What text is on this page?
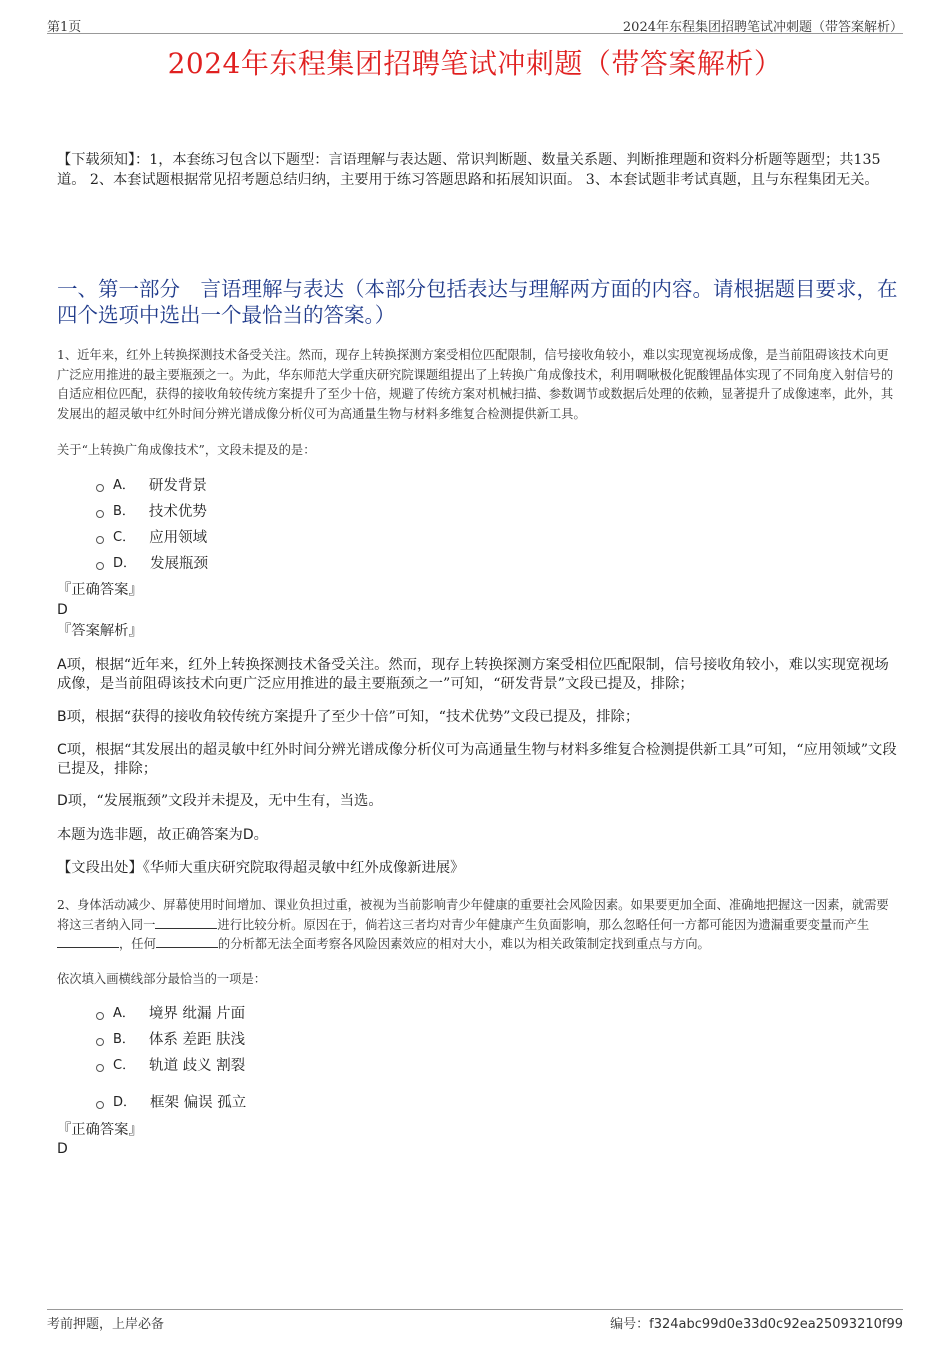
第1页	2024年东程集团招聘笔试冲刺题（带答案解析）
2024年东程集团招聘笔试冲刺题（带答案解析）
【下载须知】：1，本套练习包含以下题型：言语理解与表达题、常识判断题、数量关系题、判断推理题和资料分析题等题型；共135道。 2、本套试题根据常见招考题总结归纳，主要用于练习答题思路和拓展知识面。 3、本套试题非考试真题，且与东程集团无关。
一、第一部分　言语理解与表达（本部分包括表达与理解两方面的内容。请根据题目要求，在四个选项中选出一个最恰当的答案。）
1、近年来，红外上转换探测技术备受关注。然而，现存上转换探测方案受相位匹配限制，信号接收角较小，难以实现宽视场成像，是当前阻碍该技术向更广泛应用推进的最主要瓶颈之一。为此，华东师范大学重庆研究院课题组提出了上转换广角成像技术，利用啁啾极化铌酸锂晶体实现了不同角度入射信号的自适应相位匹配，获得的接收角较传统方案提升了至少十倍，规避了传统方案对机械扫描、参数调节或数据后处理的依赖，显著提升了成像速率，此外，其发展出的超灵敏中红外时间分辨光谱成像分析仪可为高通量生物与材料多维复合检测提供新工具。
关于“上转换广角成像技术”，文段未提及的是：
A． 研发背景
B． 技术优势
C． 应用领域
D． 发展瓶颈
『正确答案』
D
『答案解析』
A项，根据“近年来，红外上转换探测技术备受关注。然而，现存上转换探测方案受相位匹配限制，信号接收角较小，难以实现宽视场成像，是当前阻碍该技术向更广泛应用推进的最主要瓶颈之一”可知，“研发背景”文段已提及，排除；
B项，根据“获得的接收角较传统方案提升了至少十倍”可知，“技术优势”文段已提及，排除；
C项，根据“其发展出的超灵敏中红外时间分辨光谱成像分析仪可为高通量生物与材料多维复合检测提供新工具”可知，“应用领域”文段已提及，排除；
D项，“发展瓶颈”文段并未提及，无中生有，当选。
本题为选非题，故正确答案为D。
【文段出处】《华师大重庆研究院取得超灵敏中红外成像新进展》
2、身体活动减少、屏幕使用时间增加、课业负担过重，被视为当前影响青少年健康的重要社会风险因素。如果要更加全面、准确地把握这一因素，就需要将这三者纳入同一	进行比较分析。原因在于，倘若这三者均对青少年健康产生负面影响，那么忽略任何一方都可能因为遗漏重要变量而产生，任何	的分析都无法全面考察各风险因素效应的相对大小，难以为相关政策制定找到重点与方向。
依次填入画横线部分最恰当的一项是：
A． 境界 纰漏 片面
B． 体系 差距 肤浅
C． 轨道 歧义 割裂
D． 框架 偏误 孤立
『正确答案』
D
考前押题，上岸必备	编号：f324abc99d0e33d0c92ea25093210f99
